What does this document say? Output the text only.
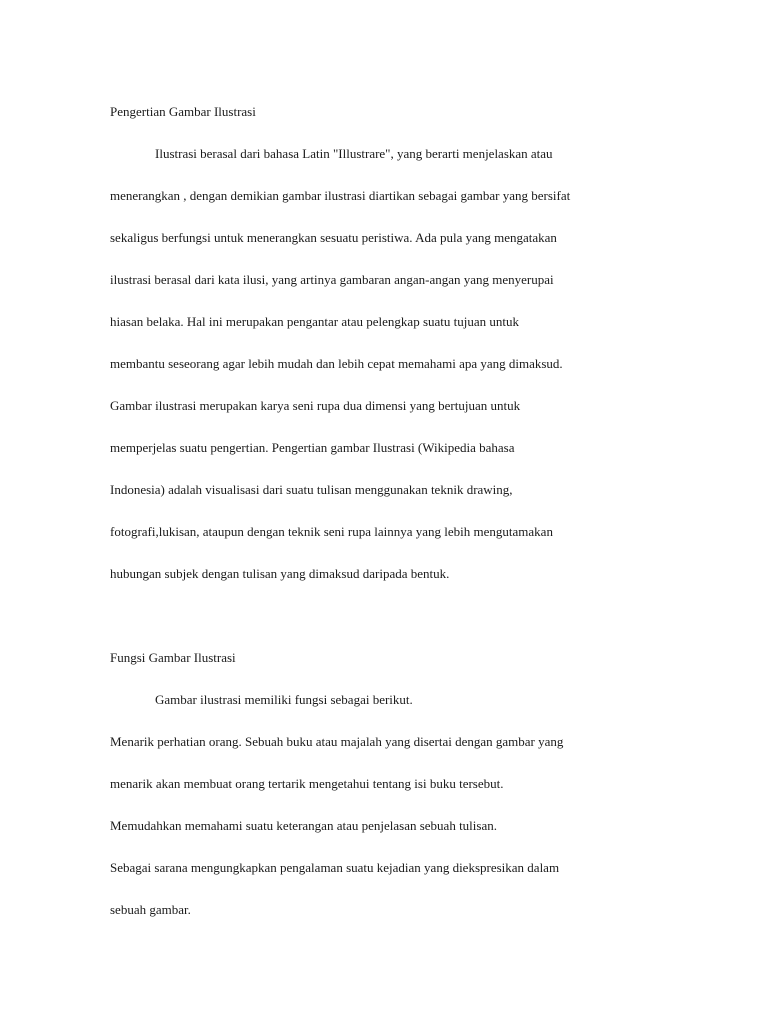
Pengertian Gambar Ilustrasi

Ilustrasi berasal dari bahasa Latin "Illustrare", yang berarti menjelaskan atau

menerangkan , dengan demikian gambar ilustrasi diartikan sebagai gambar yang bersifat

sekaligus berfungsi untuk menerangkan sesuatu peristiwa. Ada pula yang mengatakan

ilustrasi berasal dari kata ilusi, yang artinya gambaran angan-angan yang menyerupai

hiasan belaka. Hal ini merupakan pengantar atau pelengkap suatu tujuan untuk

membantu seseorang agar lebih mudah dan lebih cepat memahami apa yang dimaksud.

Gambar ilustrasi merupakan karya seni rupa dua dimensi yang bertujuan untuk

memperjelas suatu pengertian. Pengertian gambar Ilustrasi (Wikipedia bahasa

Indonesia) adalah visualisasi dari suatu tulisan menggunakan teknik drawing,

fotografi,lukisan, ataupun dengan teknik seni rupa lainnya yang lebih mengutamakan

hubungan subjek dengan tulisan yang dimaksud daripada bentuk.

Fungsi Gambar Ilustrasi

Gambar ilustrasi memiliki fungsi sebagai berikut.

Menarik perhatian orang. Sebuah buku atau majalah yang disertai dengan gambar yang

menarik akan membuat orang tertarik mengetahui tentang isi buku tersebut.

Memudahkan memahami suatu keterangan atau penjelasan sebuah tulisan.

Sebagai sarana mengungkapkan pengalaman suatu kejadian yang diekspresikan dalam

sebuah gambar.
